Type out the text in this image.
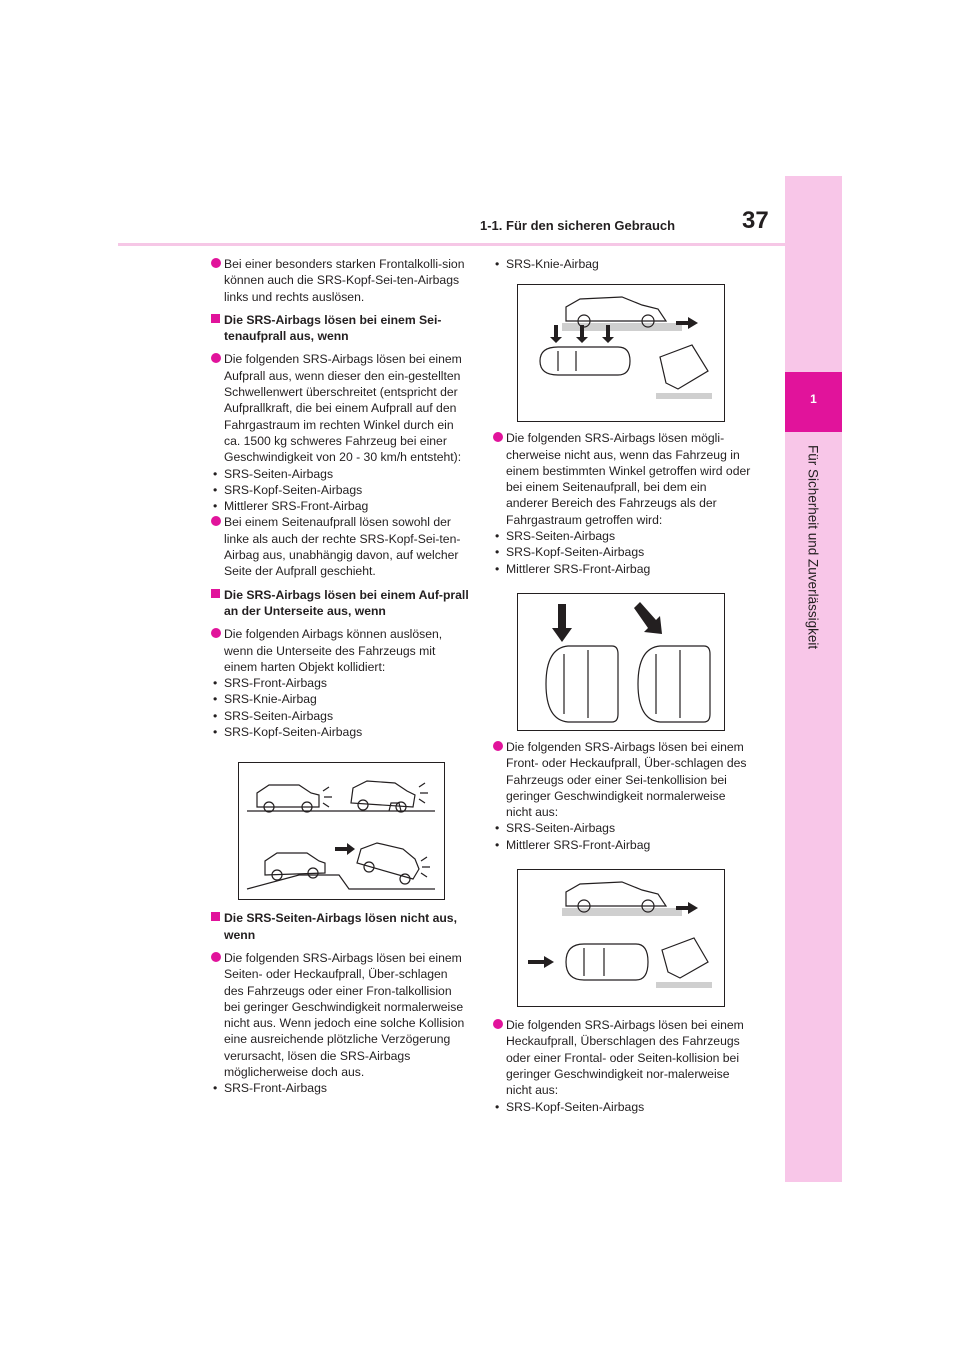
1-1. Für den sicheren Gebrauch	37
1
Für Sicherheit und Zuverlässigkeit
Bei einer besonders starken Frontalkolli-sion können auch die SRS-Kopf-Sei-ten-Airbags links und rechts auslösen.
Die SRS-Airbags lösen bei einem Sei-tenaufprall aus, wenn
Die folgenden SRS-Airbags lösen bei einem Aufprall aus, wenn dieser den ein-gestellten Schwellenwert überschreitet (entspricht der Aufprallkraft, die bei einem Aufprall auf den Fahrgastraum im rechten Winkel durch ein ca. 1500 kg schweres Fahrzeug bei einer Geschwindigkeit von 20 - 30 km/h entsteht):
• SRS-Seiten-Airbags
• SRS-Kopf-Seiten-Airbags
• Mittlerer SRS-Front-Airbag
Bei einem Seitenaufprall lösen sowohl der linke als auch der rechte SRS-Kopf-Sei-ten-Airbag aus, unabhängig davon, auf welcher Seite der Aufprall geschieht.
Die SRS-Airbags lösen bei einem Auf-prall an der Unterseite aus, wenn
Die folgenden Airbags können auslösen, wenn die Unterseite des Fahrzeugs mit einem harten Objekt kollidiert:
• SRS-Front-Airbags
• SRS-Knie-Airbag
• SRS-Seiten-Airbags
• SRS-Kopf-Seiten-Airbags
Die SRS-Seiten-Airbags lösen nicht aus, wenn
Die folgenden SRS-Airbags lösen bei einem Seiten- oder Heckaufprall, Über-schlagen des Fahrzeugs oder einer Fron-talkollision bei geringer Geschwindigkeit normalerweise nicht aus. Wenn jedoch eine solche Kollision eine ausreichende plötzliche Verzögerung verursacht, lösen die SRS-Airbags möglicherweise doch aus.
• SRS-Front-Airbags
• SRS-Knie-Airbag
Die folgenden SRS-Airbags lösen mögli-cherweise nicht aus, wenn das Fahrzeug in einem bestimmten Winkel getroffen wird oder bei einem Seitenaufprall, bei dem ein anderer Bereich des Fahrzeugs als der Fahrgastraum getroffen wird:
• SRS-Seiten-Airbags
• SRS-Kopf-Seiten-Airbags
• Mittlerer SRS-Front-Airbag
Die folgenden SRS-Airbags lösen bei einem Front- oder Heckaufprall, Über-schlagen des Fahrzeugs oder einer Sei-tenkollision bei geringer Geschwindigkeit normalerweise nicht aus:
• SRS-Seiten-Airbags
• Mittlerer SRS-Front-Airbag
Die folgenden SRS-Airbags lösen bei einem Heckaufprall, Überschlagen des Fahrzeugs oder einer Frontal- oder Seiten-kollision bei geringer Geschwindigkeit nor-malerweise nicht aus:
• SRS-Kopf-Seiten-Airbags
